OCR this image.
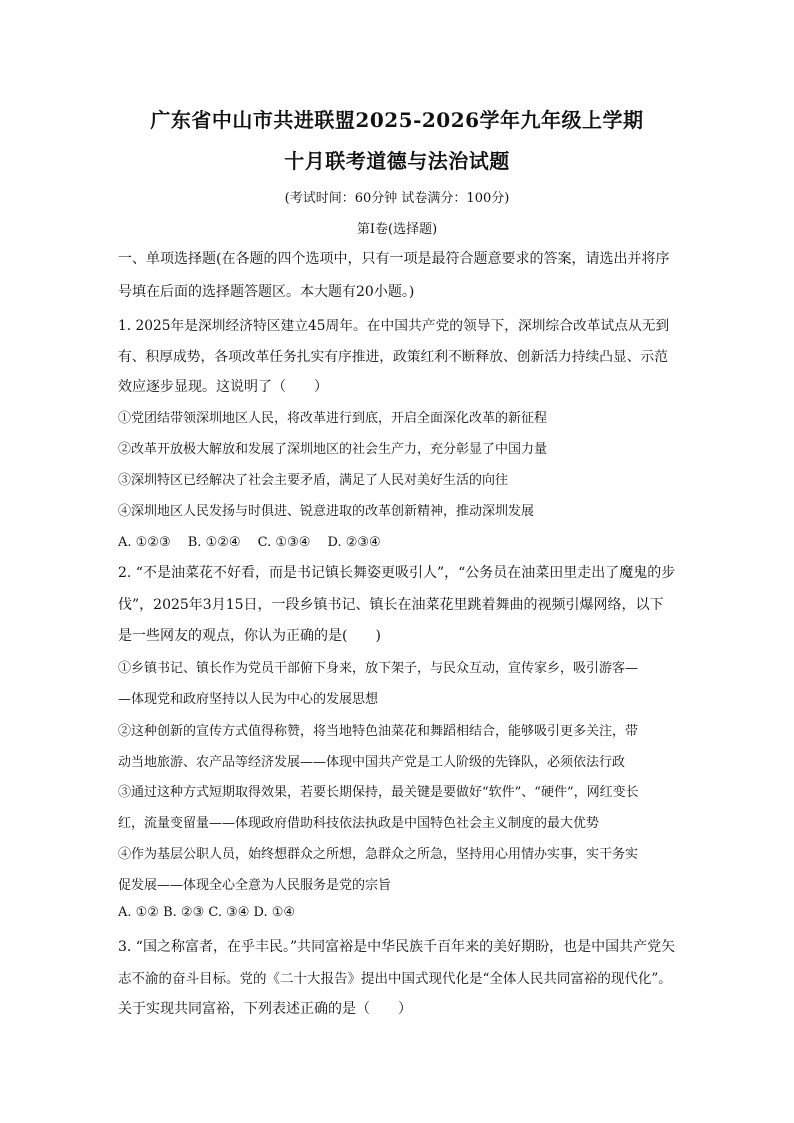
广东省中山市共进联盟2025-2026学年九年级上学期
十月联考道德与法治试题
(考试时间：60分钟 试卷满分：100分)
第Ⅰ卷(选择题)
一、单项选择题(在各题的四个选项中，只有一项是最符合题意要求的答案，请选出并将序
号填在后面的选择题答题区。本大题有20小题。)
1. 2025年是深圳经济特区建立45周年。在中国共产党的领导下，深圳综合改革试点从无到
有、积厚成势，各项改革任务扎实有序推进，政策红利不断释放、创新活力持续凸显、示范
效应逐步显现。这说明了（　　）
①党团结带领深圳地区人民，将改革进行到底，开启全面深化改革的新征程
②改革开放极大解放和发展了深圳地区的社会生产力，充分彰显了中国力量
③深圳特区已经解决了社会主要矛盾，满足了人民对美好生活的向往
④深圳地区人民发扬与时俱进、锐意进取的改革创新精神，推动深圳发展
A. ①②③　 B. ①②④　 C. ①③④　 D. ②③④
2. “不是油菜花不好看，而是书记镇长舞姿更吸引人”，“公务员在油菜田里走出了魔鬼的步
伐”，2025年3月15日，一段乡镇书记、镇长在油菜花里跳着舞曲的视频引爆网络，以下
是一些网友的观点，你认为正确的是(　　)
①乡镇书记、镇长作为党员干部俯下身来，放下架子，与民众互动，宣传家乡，吸引游客—
—体现党和政府坚持以人民为中心的发展思想
②这种创新的宣传方式值得称赞，将当地特色油菜花和舞蹈相结合，能够吸引更多关注，带
动当地旅游、农产品等经济发展——体现中国共产党是工人阶级的先锋队，必须依法行政
③通过这种方式短期取得效果，若要长期保持，最关键是要做好“软件”、“硬件”，网红变长
红，流量变留量——体现政府借助科技依法执政是中国特色社会主义制度的最大优势
④作为基层公职人员，始终想群众之所想，急群众之所急，坚持用心用情办实事，实干务实
促发展——体现全心全意为人民服务是党的宗旨
A. ①② B. ②③ C. ③④ D. ①④
3. “国之称富者，在乎丰民。”共同富裕是中华民族千百年来的美好期盼，也是中国共产党矢
志不渝的奋斗目标。党的《二十大报告》提出中国式现代化是“全体人民共同富裕的现代化”。
关于实现共同富裕，下列表述正确的是（　　）
